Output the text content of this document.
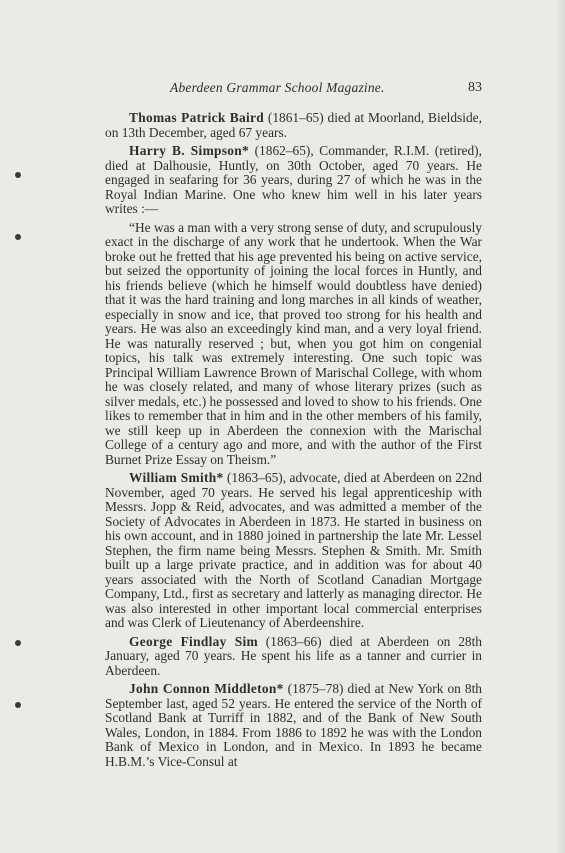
Aberdeen Grammar School Magazine.	83

Thomas Patrick Baird (1861–65) died at Moorland, Bieldside, on 13th December, aged 67 years.

Harry B. Simpson* (1862–65), Commander, R.I.M. (retired), died at Dalhousie, Huntly, on 30th October, aged 70 years. He engaged in seafaring for 36 years, during 27 of which he was in the Royal Indian Marine. One who knew him well in his later years writes :—

“He was a man with a very strong sense of duty, and scrupulously exact in the discharge of any work that he undertook. When the War broke out he fretted that his age prevented his being on active service, but seized the opportunity of joining the local forces in Huntly, and his friends believe (which he himself would doubtless have denied) that it was the hard training and long marches in all kinds of weather, especially in snow and ice, that proved too strong for his health and years. He was also an exceedingly kind man, and a very loyal friend. He was naturally reserved ; but, when you got him on congenial topics, his talk was extremely interesting. One such topic was Principal William Lawrence Brown of Marischal College, with whom he was closely related, and many of whose literary prizes (such as silver medals, etc.) he possessed and loved to show to his friends. One likes to remember that in him and in the other members of his family, we still keep up in Aberdeen the connexion with the Marischal College of a century ago and more, and with the author of the First Burnet Prize Essay on Theism.”

William Smith* (1863–65), advocate, died at Aberdeen on 22nd November, aged 70 years. He served his legal apprenticeship with Messrs. Jopp & Reid, advocates, and was admitted a member of the Society of Advocates in Aberdeen in 1873. He started in business on his own account, and in 1880 joined in partnership the late Mr. Lessel Stephen, the firm name being Messrs. Stephen & Smith. Mr. Smith built up a large private practice, and in addition was for about 40 years associated with the North of Scotland Canadian Mortgage Company, Ltd., first as secretary and latterly as managing director. He was also interested in other important local commercial enterprises and was Clerk of Lieutenancy of Aberdeenshire.

George Findlay Sim (1863–66) died at Aberdeen on 28th January, aged 70 years. He spent his life as a tanner and currier in Aberdeen.

John Connon Middleton* (1875–78) died at New York on 8th September last, aged 52 years. He entered the service of the North of Scotland Bank at Turriff in 1882, and of the Bank of New South Wales, London, in 1884. From 1886 to 1892 he was with the London Bank of Mexico in London, and in Mexico. In 1893 he became H.B.M.’s Vice-Consul at
